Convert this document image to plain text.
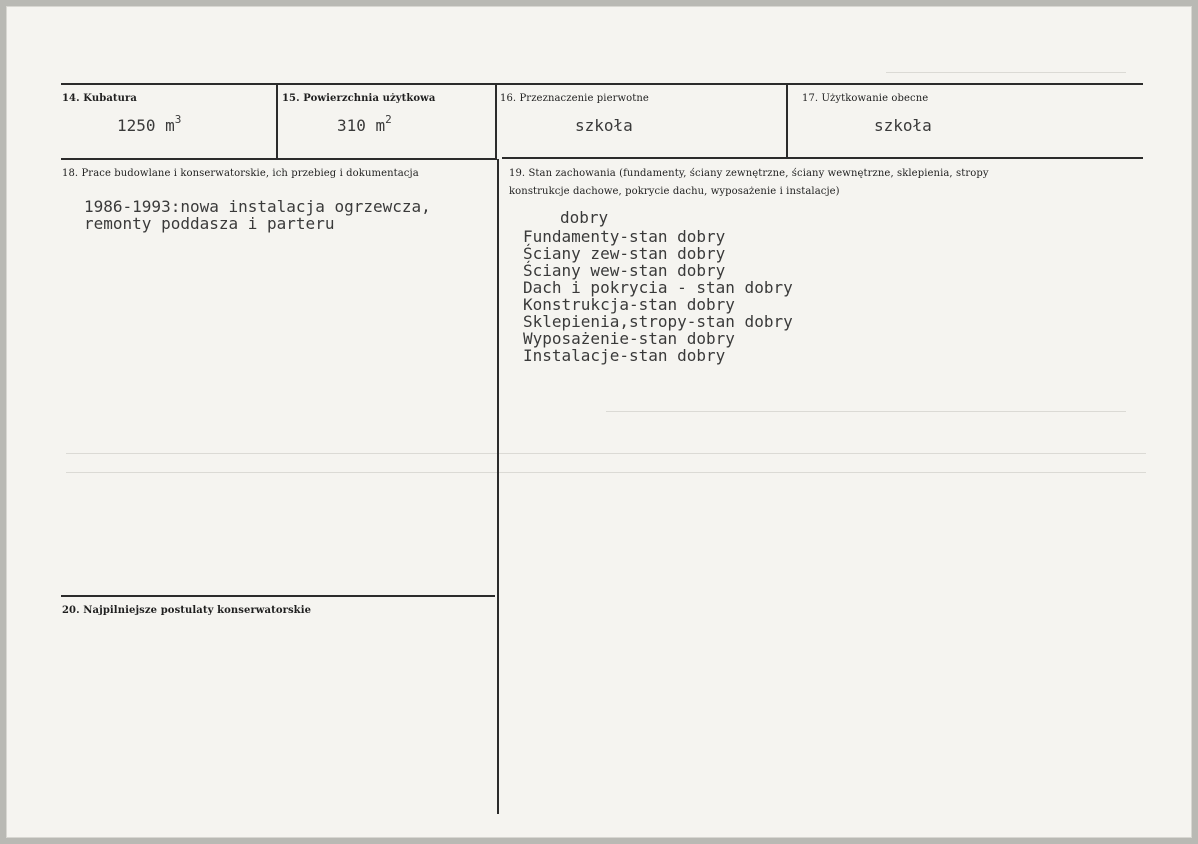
14. Kubatura
1250 $m^3$
15. Powierzchnia użytkowa
310 $m^2$
16. Przeznaczenie pierwotne
szkoła
17. Użytkowanie obecne
szkoła
18. Prace budowlane i konserwatorskie, ich przebieg i dokumentacja
1986-1993:nowa instalacja ogrzewcza,
remonty poddasza i parteru
19. Stan zachowania (fundamenty, ściany zewnętrzne, ściany wewnętrzne, sklepienia, stropy
konstrukcje dachowe, pokrycie dachu, wyposażenie i instalacje)
dobry
Fundamenty-stan dobry
Ściany zew-stan dobry
Ściany wew-stan dobry
Dach i pokrycia - stan dobry
Konstrukcja-stan dobry
Sklepienia,stropy-stan dobry
Wyposażenie-stan dobry
Instalacje-stan dobry
20. Najpilniejsze postulaty konserwatorskie
